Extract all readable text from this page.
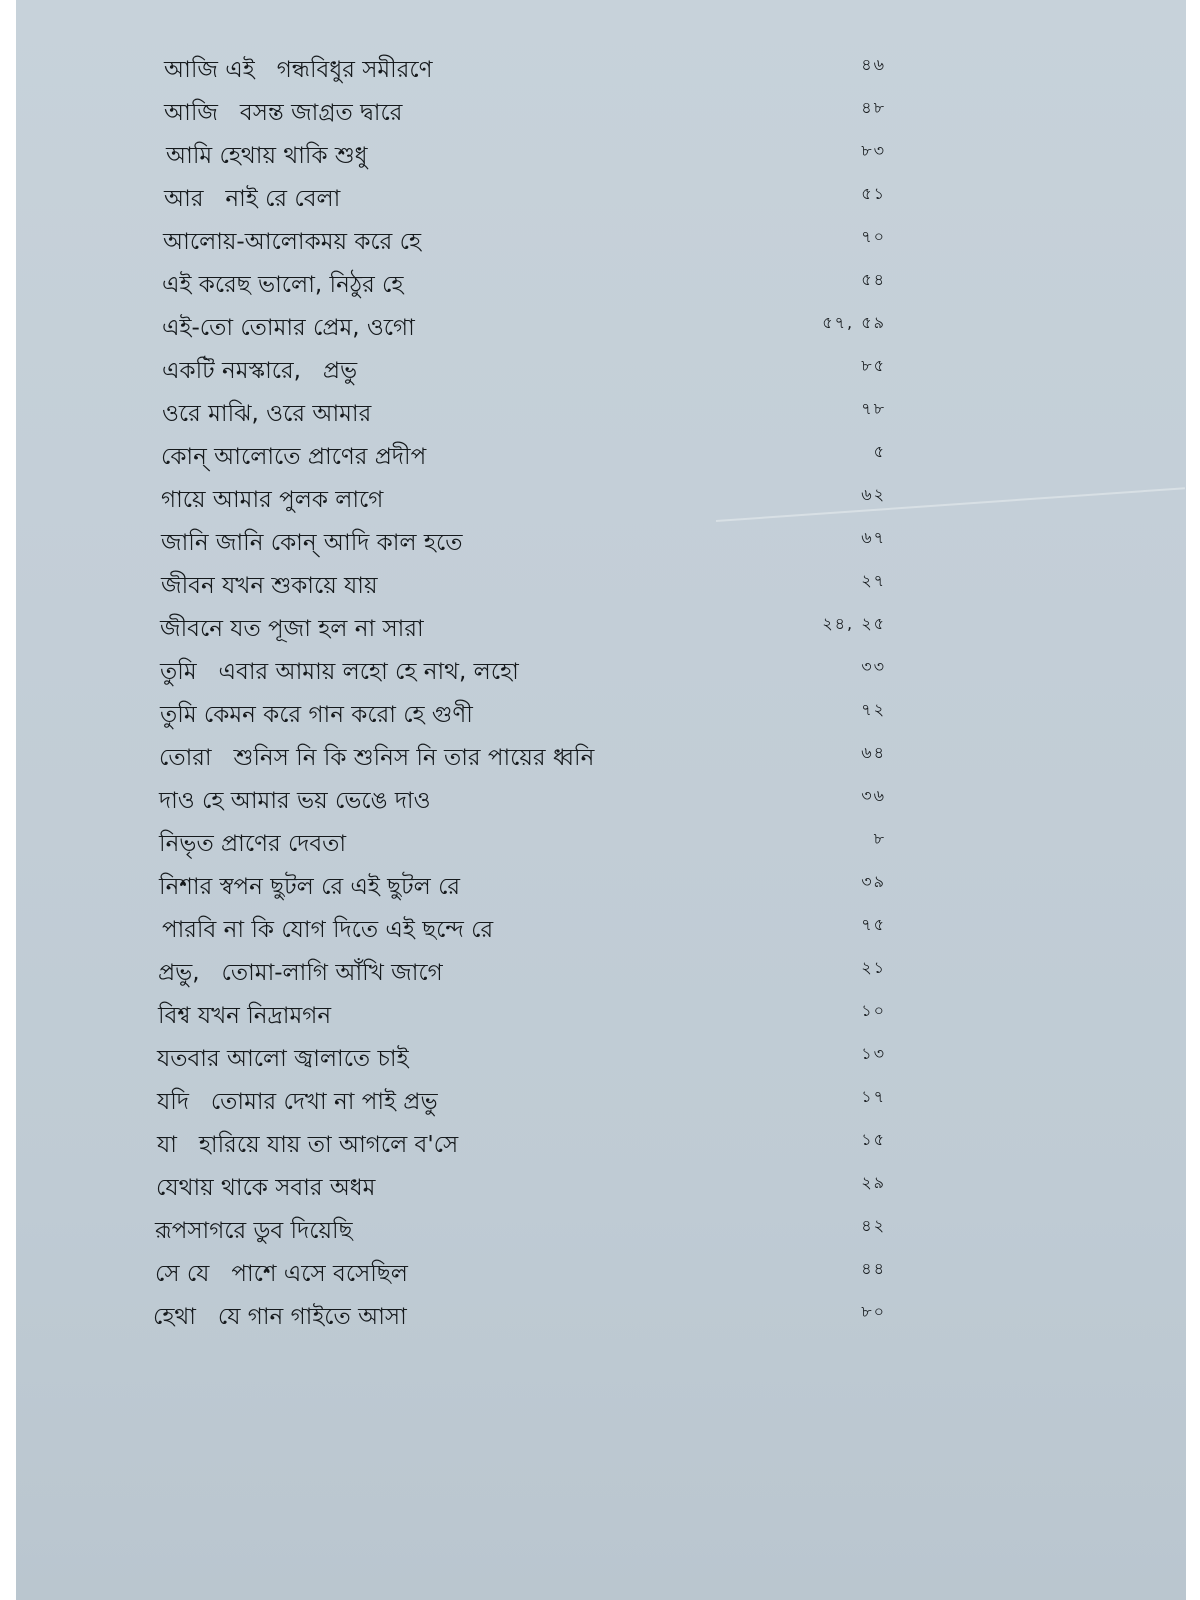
আজি এই   গন্ধবিধুর সমীরণে	৪৬
আজি   বসন্ত জাগ্রত দ্বারে	৪৮
আমি হেথায় থাকি শুধু	৮৩
আর   নাই রে বেলা	৫১
আলোয়-আলোকময় করে হে	৭০
এই করেছ ভালো, নিঠুর হে	৫৪
এই-তো তোমার প্রেম, ওগো	৫৭, ৫৯
একটি নমস্কারে,   প্রভু	৮৫
ওরে মাঝি, ওরে আমার	৭৮
কোন্ আলোতে প্রাণের প্রদীপ	৫
গায়ে আমার পুলক লাগে	৬২
জানি জানি কোন্ আদি কাল হতে	৬৭
জীবন যখন শুকায়ে যায়	২৭
জীবনে যত পূজা হল না সারা	২৪, ২৫
তুমি   এবার আমায় লহো হে নাথ, লহো	৩৩
তুমি কেমন করে গান করো হে গুণী	৭২
তোরা   শুনিস নি কি শুনিস নি তার পায়ের ধ্বনি	৬৪
দাও হে আমার ভয় ভেঙে দাও	৩৬
নিভৃত প্রাণের দেবতা	৮
নিশার স্বপন ছুটল রে এই ছুটল রে	৩৯
পারবি না কি যোগ দিতে এই ছন্দে রে	৭৫
প্রভু,   তোমা-লাগি আঁখি জাগে	২১
বিশ্ব যখন নিদ্রামগন	১০
যতবার আলো জ্বালাতে চাই	১৩
যদি   তোমার দেখা না পাই প্রভু	১৭
যা   হারিয়ে যায় তা আগলে ব'সে	১৫
যেথায় থাকে সবার অধম	২৯
রূপসাগরে ডুব দিয়েছি	৪২
সে যে   পাশে এসে বসেছিল	৪৪
হেথা   যে গান গাইতে আসা	৮০
